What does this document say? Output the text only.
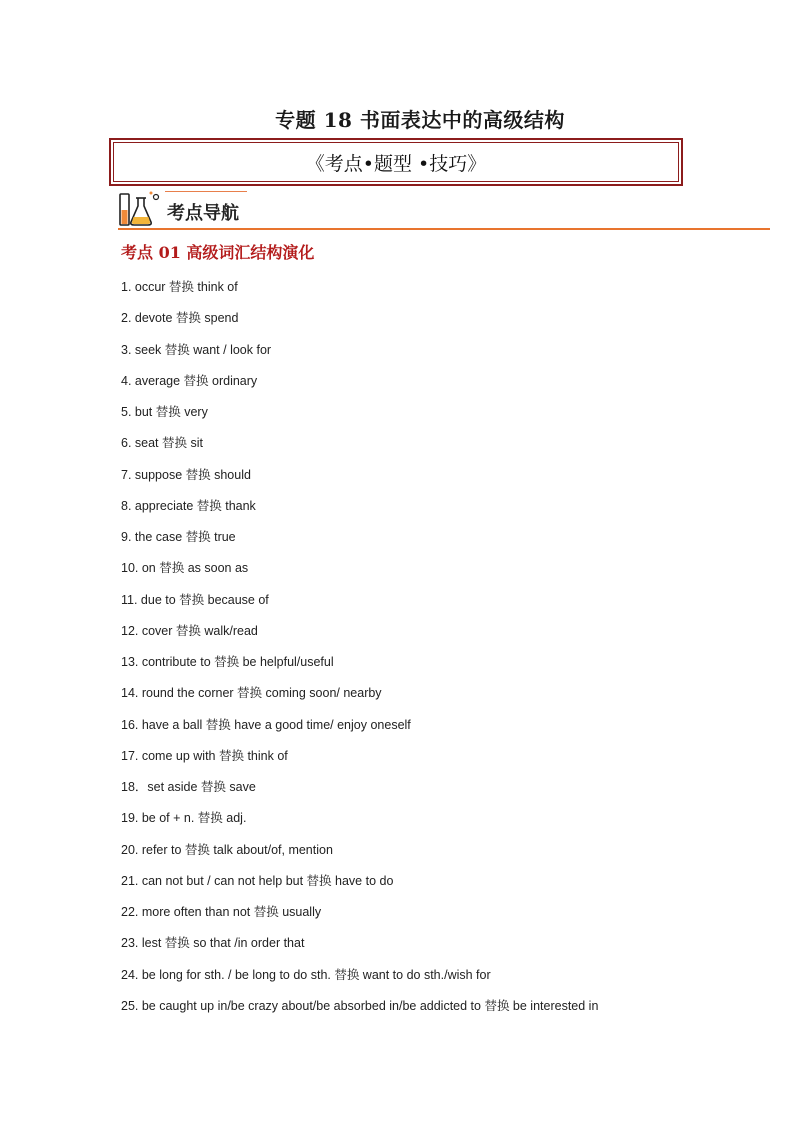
专题 18 书面表达中的高级结构
《考点•题型 •技巧》
考点导航
考点 01 高级词汇结构演化
1. occur 替换 think of
2. devote 替换 spend
3. seek 替换 want / look for
4. average 替换 ordinary
5. but 替换 very
6. seat 替换 sit
7. suppose 替换 should
8. appreciate 替换 thank
9. the case 替换 true
10. on 替换 as soon as
11. due to 替换 because of
12. cover 替换 walk/read
13. contribute to 替换 be helpful/useful
14. round the corner 替换 coming soon/ nearby
16. have a ball 替换 have a good time/ enjoy oneself
17. come up with 替换 think of
18．set aside 替换 save
19. be of + n. 替换 adj.
20. refer to 替换 talk about/of, mention
21. can not but / can not help but 替换 have to do
22. more often than not 替换 usually
23. lest 替换 so that /in order that
24. be long for sth. / be long to do sth. 替换 want to do sth./wish for
25. be caught up in/be crazy about/be absorbed in/be addicted to 替换 be interested in
